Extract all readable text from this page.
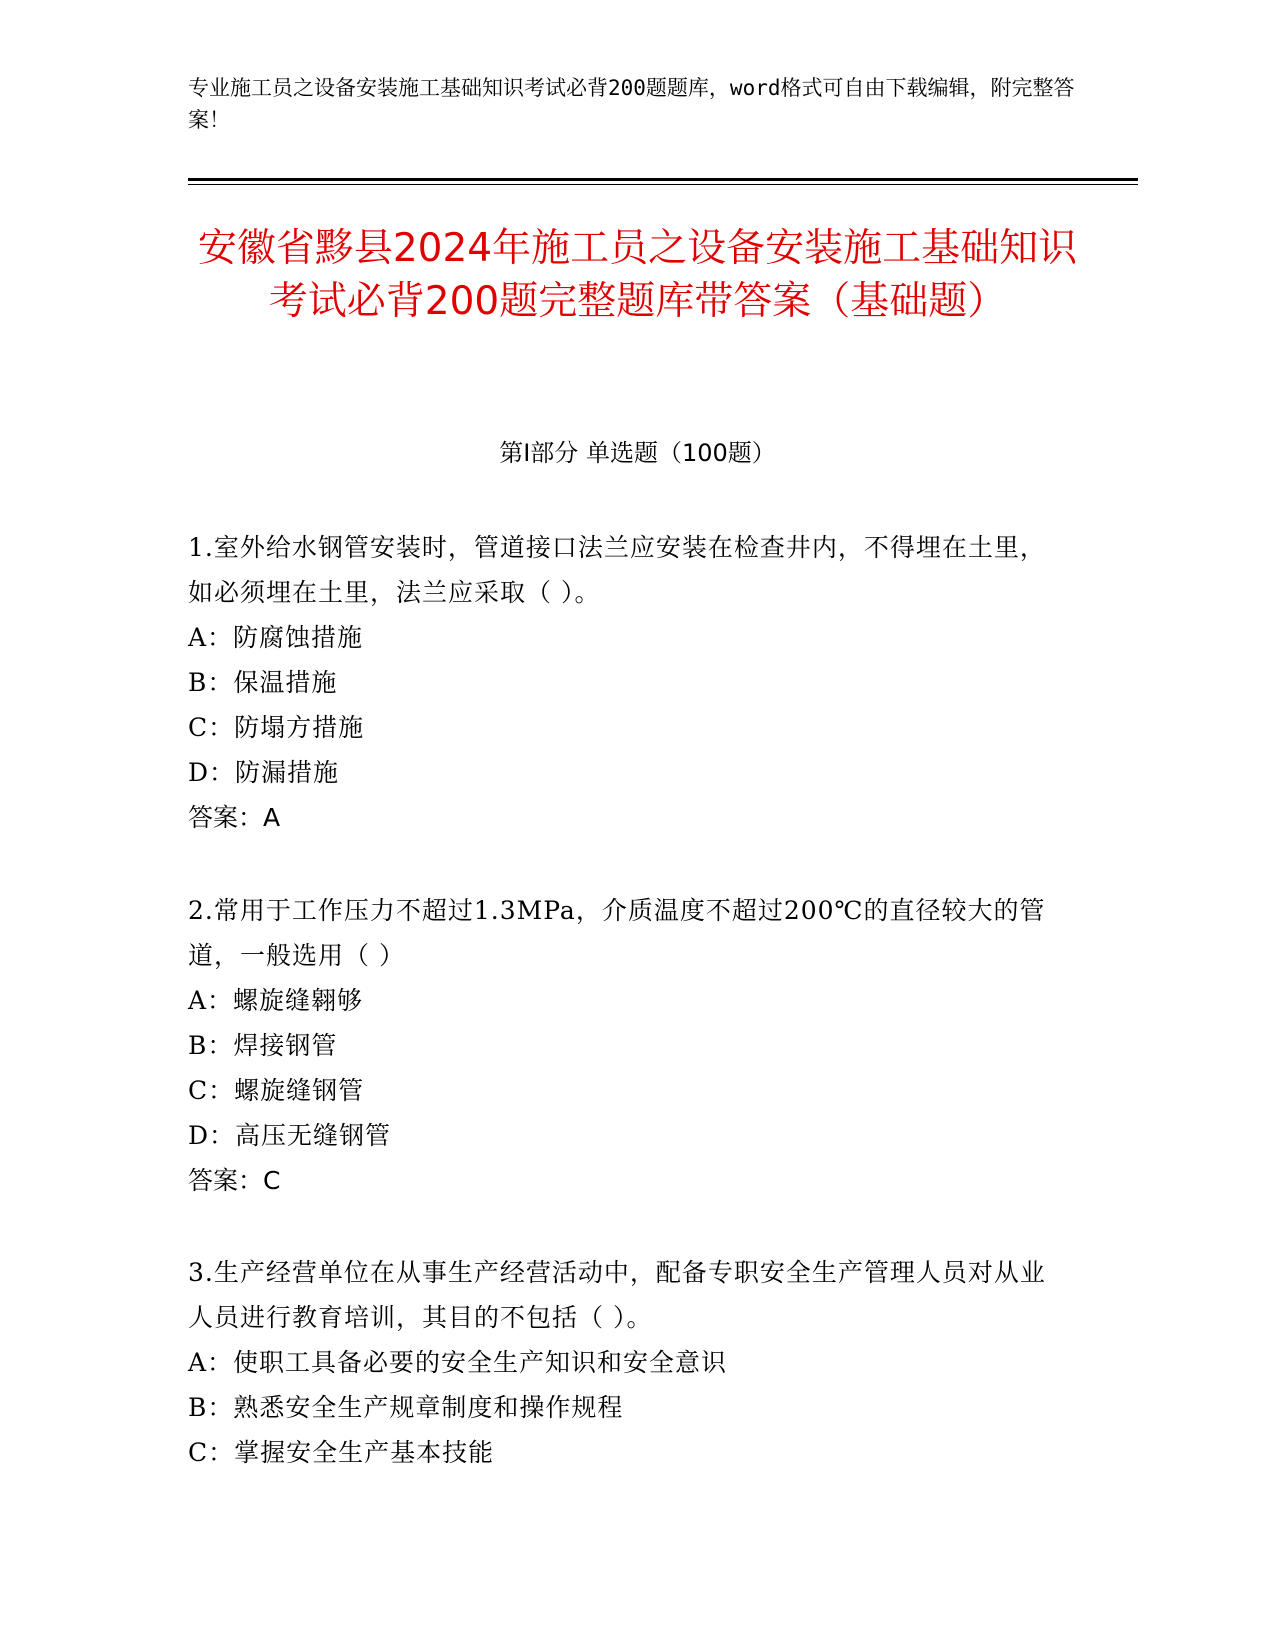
专业施工员之设备安装施工基础知识考试必背200题题库，word格式可自由下载编辑，附完整答案！
安徽省黟县2024年施工员之设备安装施工基础知识考试必背200题完整题库带答案（基础题）
第I部分 单选题（100题）
1.室外给水钢管安装时，管道接口法兰应安装在检查井内，不得埋在土里，如必须埋在土里，法兰应采取（ ）。
A：防腐蚀措施
B：保温措施
C：防塌方措施
D：防漏措施
答案：A
2.常用于工作压力不超过1.3MPa，介质温度不超过200℃的直径较大的管道，一般选用（ ）
A：螺旋缝翱够
B：焊接钢管
C：螺旋缝钢管
D：高压无缝钢管
答案：C
3.生产经营单位在从事生产经营活动中，配备专职安全生产管理人员对从业人员进行教育培训，其目的不包括（ ）。
A：使职工具备必要的安全生产知识和安全意识
B：熟悉安全生产规章制度和操作规程
C：掌握安全生产基本技能
